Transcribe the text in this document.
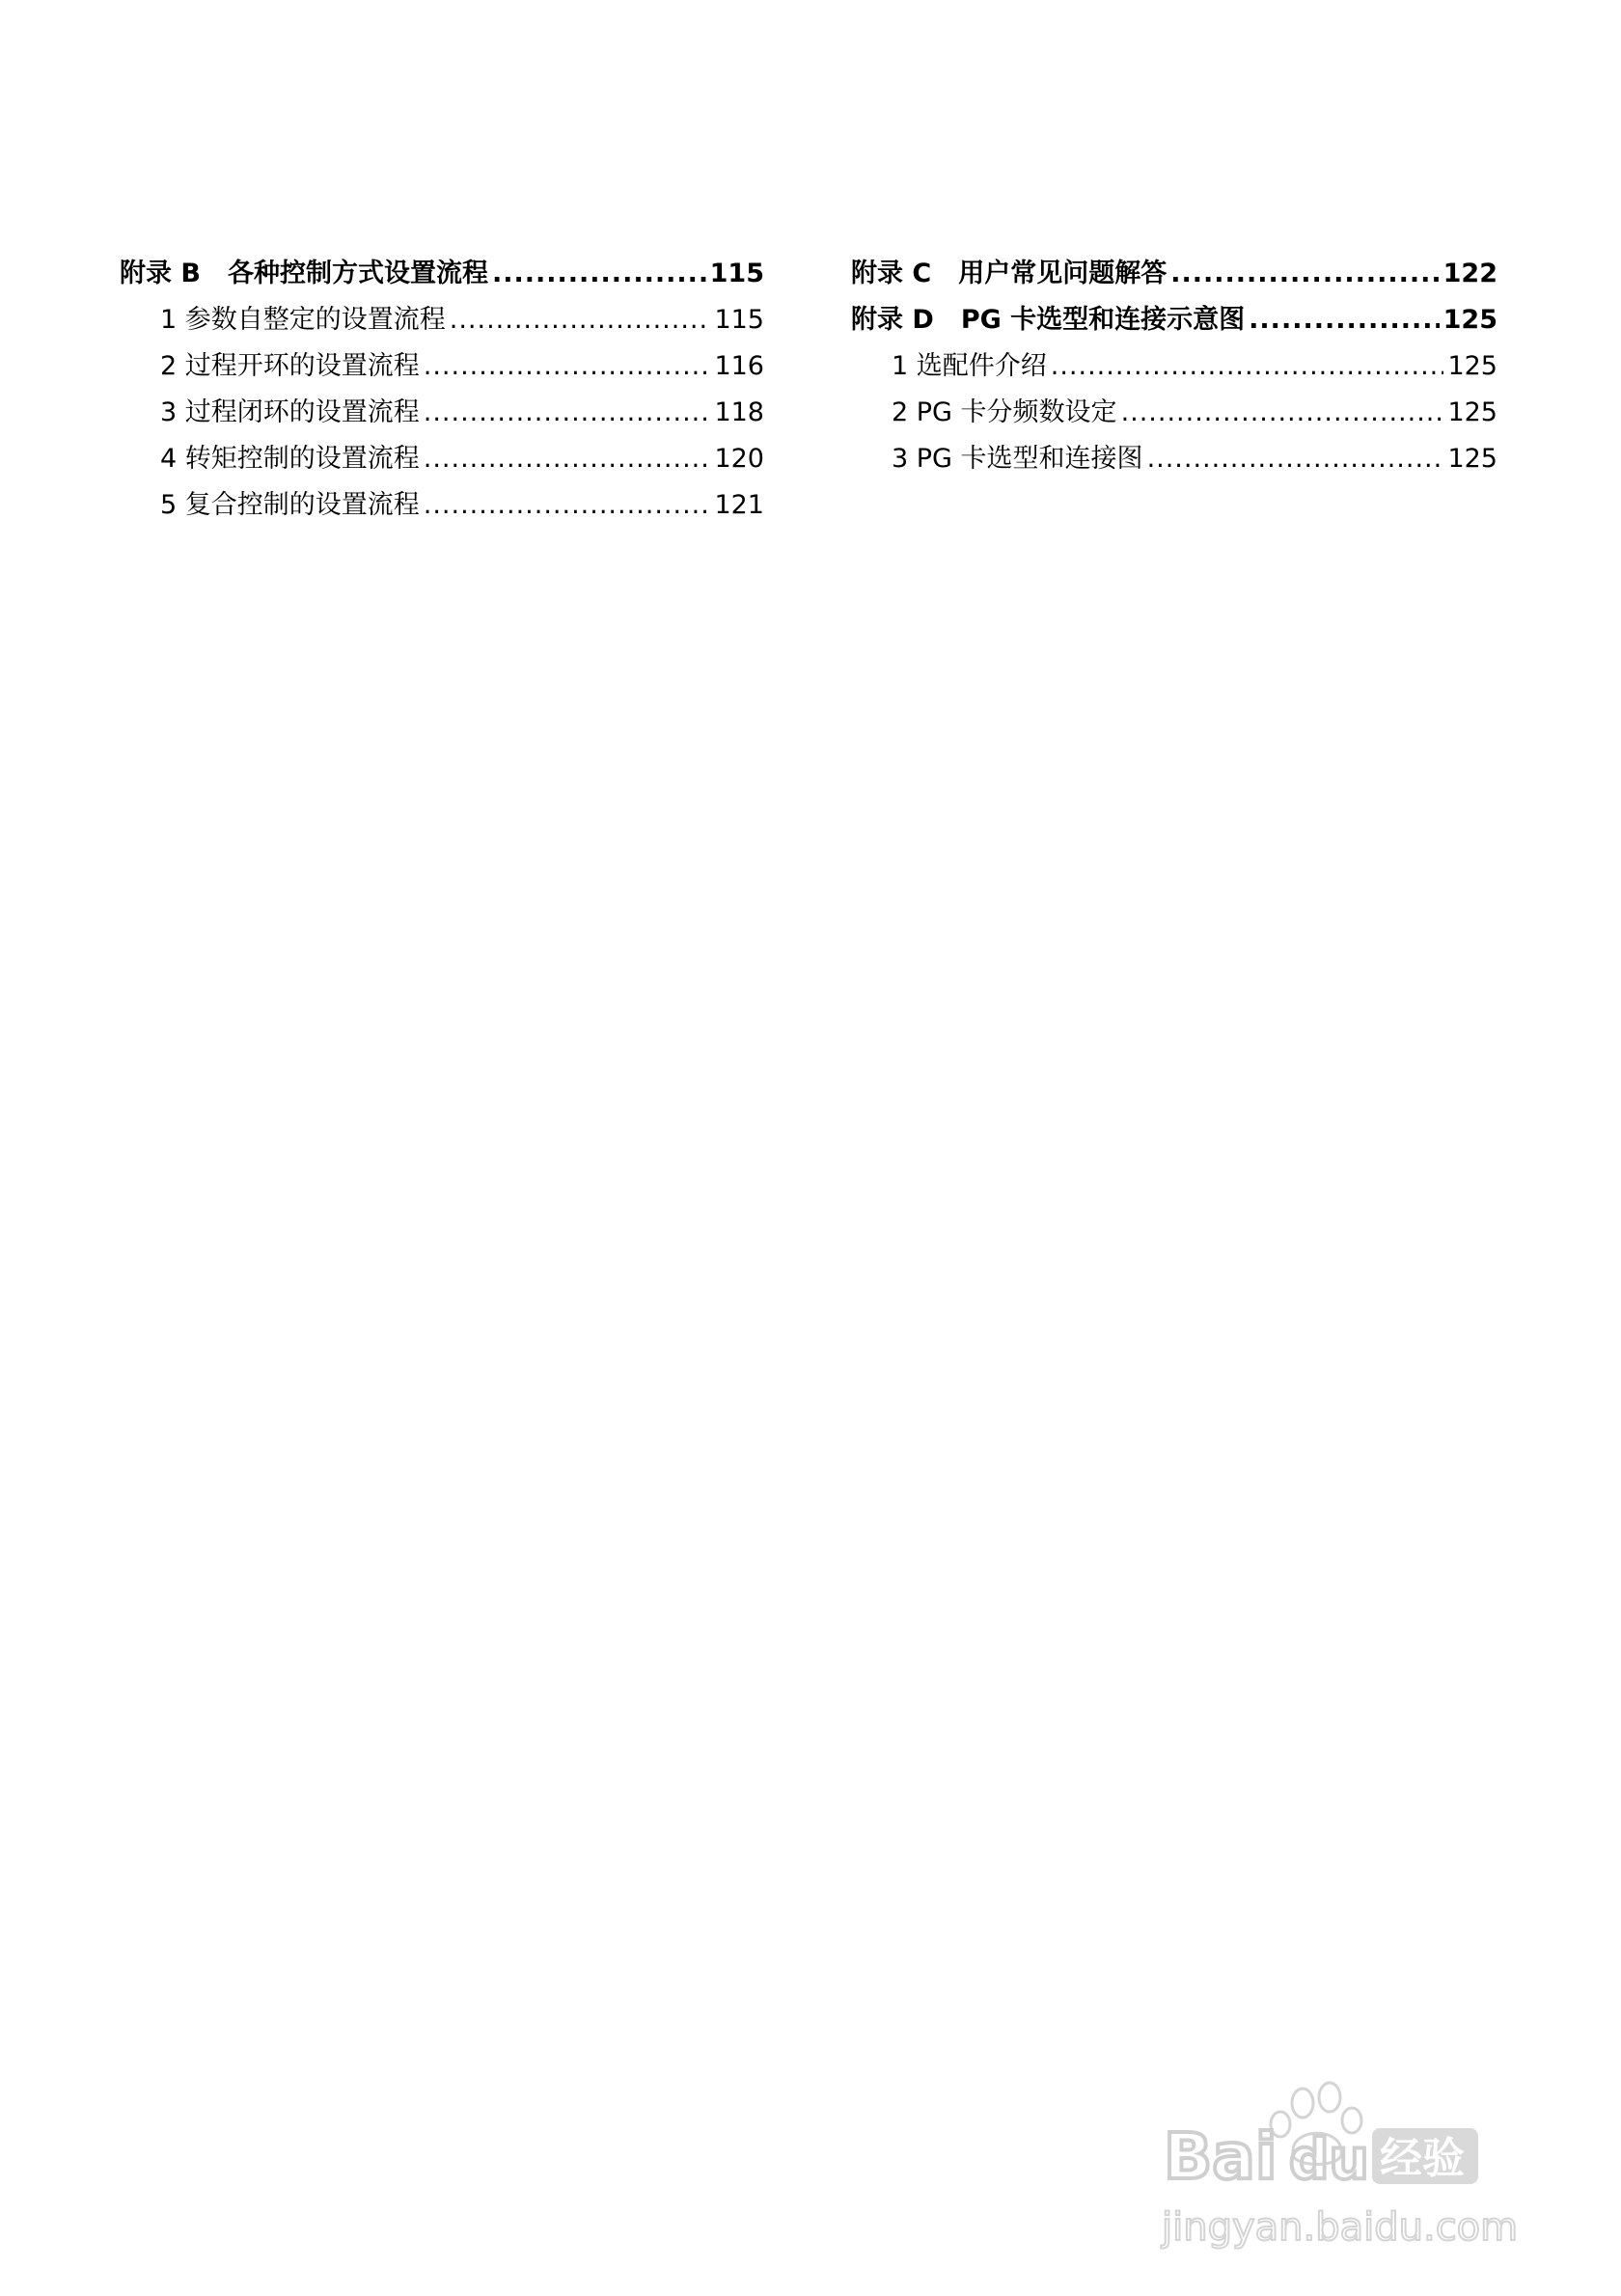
附录 B 各种控制方式设置流程 .....	115
1 参数自整定的设置流程 .....	115
2 过程开环的设置流程 .....	116
3 过程闭环的设置流程 .....	118
4 转矩控制的设置流程 .....	120
5 复合控制的设置流程 .....	121
附录 C 用户常见问题解答 .....	122
附录 D PG 卡选型和连接示意图 .....	125
1 选配件介绍 .....	125
2 PG 卡分频数设定 .....	125
3 PG 卡选型和连接图 .....	125
Bai du 经验
jingyan.baidu.com
